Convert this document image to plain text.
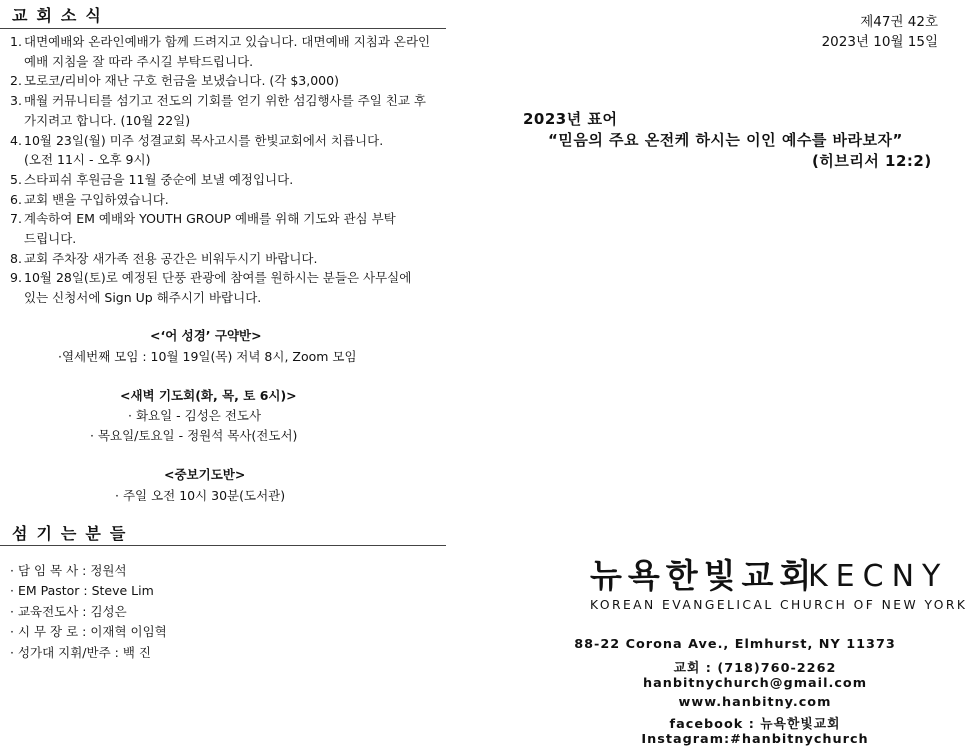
교회소식
1. 대면예배와 온라인예배가 함께 드려지고 있습니다. 대면예배 지침과 온라인
예배 지침을 잘 따라 주시길 부탁드립니다.
2. 모로코/리비아 재난 구호 헌금을 보냈습니다. (각 $3,000)
3. 매월 커뮤니티를 섬기고 전도의 기회를 얻기 위한 섬김행사를 주일 친교 후
가지려고 합니다. (10월 22일)
4. 10월 23일(월) 미주 성결교회 목사고시를 한빛교회에서 치릅니다.
(오전 11시 - 오후 9시)
5. 스타피쉬 후원금을 11월 중순에 보낼 예정입니다.
6. 교회 밴을 구입하였습니다.
7. 계속하여 EM 예배와 YOUTH GROUP 예배를 위해 기도와 관심 부탁
드립니다.
8. 교회 주차장 새가족 전용 공간은 비워두시기 바랍니다.
9. 10월 28일(토)로 예정된 단풍 관광에 참여를 원하시는 분들은 사무실에
있는 신청서에 Sign Up 해주시기 바랍니다.
<‘어 성경’ 구약반>
·열세번째 모임 : 10월 19일(목) 저녁 8시, Zoom 모임
<새벽 기도회(화, 목, 토 6시)>
· 화요일 - 김성은 전도사
· 목요일/토요일 - 정원석 목사(전도서)
<중보기도반>
· 주일 오전 10시 30분(도서관)
섬기는분들
· 담 임 목 사 : 정원석
· EM Pastor : Steve Lim
· 교육전도사 : 김성은
· 시 무 장 로 : 이재혁 이임혁
· 성가대 지휘/반주 : 백 진
제47권 42호
2023년 10월 15일
2023년 표어
“믿음의 주요 온전케 하시는 이인 예수를 바라보자”
(히브리서 12:2)
뉴욕한빛교회
KECNY
KOREAN EVANGELICAL CHURCH OF NEW YORK
88-22 Corona Ave., Elmhurst, NY 11373
교회 : (718)760-2262
hanbitnychurch@gmail.com
www.hanbitny.com
facebook : 뉴욕한빛교회
Instagram:#hanbitnychurch
